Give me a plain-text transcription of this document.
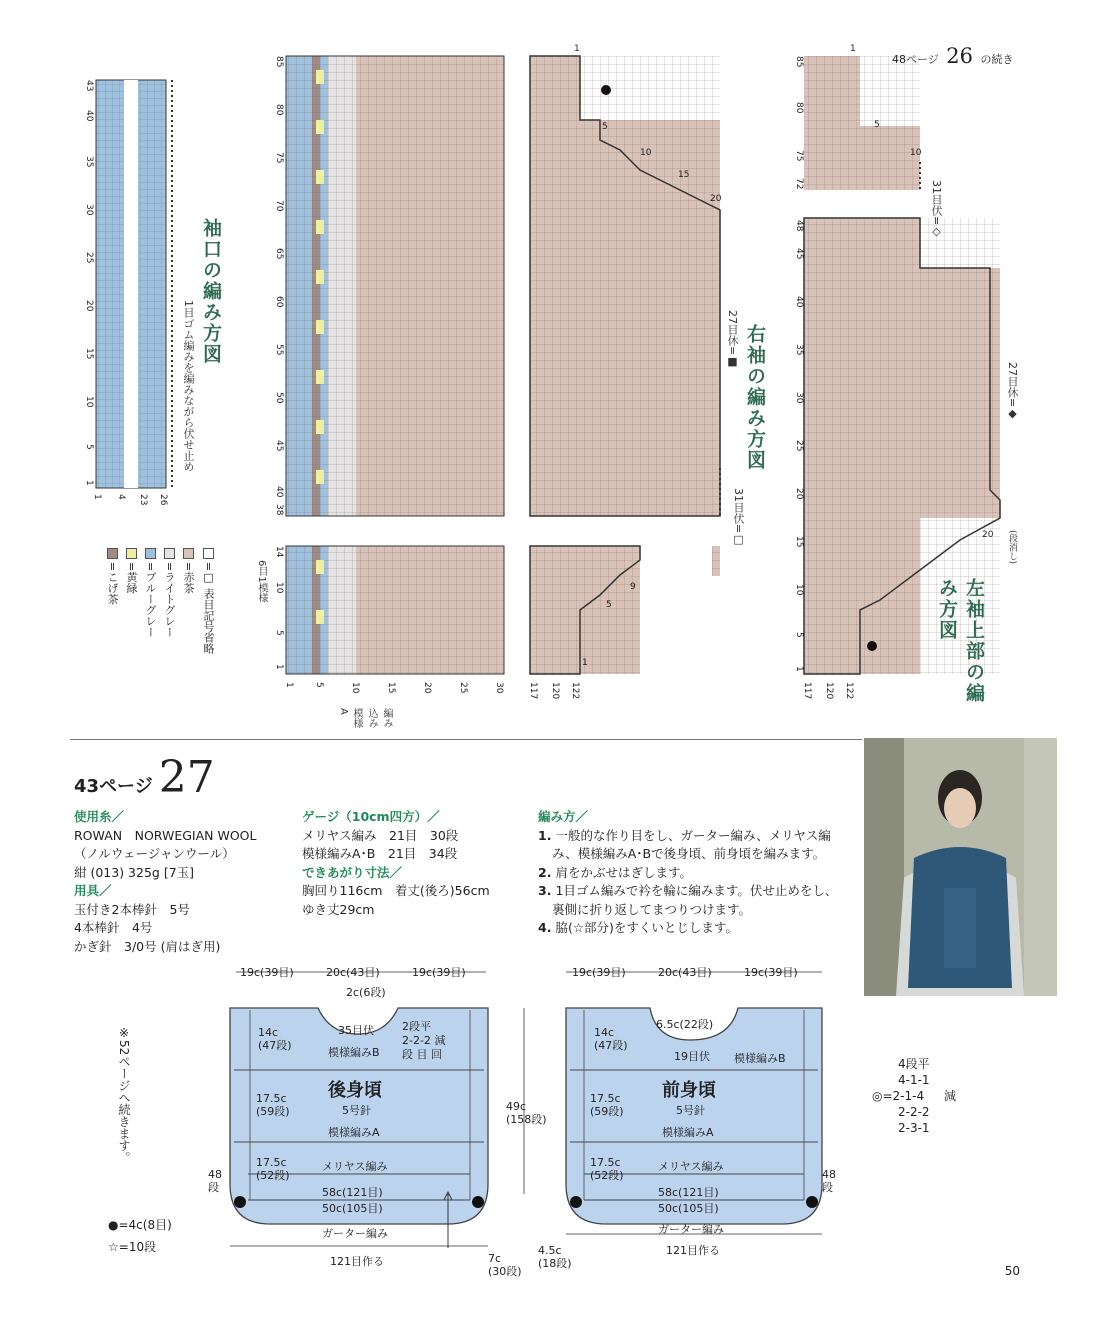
43
40
35
30
25
20
15
10
5
1
1 4 23 26
袖口の編み方図
1目ゴム編みを編みながら伏せ止め
85
80
75
70
65
60
55
50
45
40
38
14
10
5
1
1 5	10	15	20	25	30	117 120 122
編み込み模様A
6目1模様
1
5
10
15
20
9
5
1
右袖の編み方図
27目休=■
31目伏=□
48ページ 26 の続き
85
80
75
72
48
45
40
35
30
25
20
15
10
5
1
1
5
10
20
117 120 122	左袖上部の編み方図
27目休=◆
31目伏=◇
(段消し)
=□ 表目記号省略
=赤茶
=ライトグレー
=ブルーグレー
=黄緑
=こげ茶
43ページ 27
使用糸／
ROWAN　NORWEGIAN WOOL
（ノルウェージャンウール）
紺 (013) 325g [7玉]
用具／
玉付き2本棒針　5号
4本棒針　4号
かぎ針　3/0号 (肩はぎ用)
ゲージ（10cm四方）／
メリヤス編み　21目　30段
模様編みA･B　21目　34段
できあがり寸法／
胸回り116cm　着丈(後ろ)56cm
ゆき丈29cm
編み方／
1. 一般的な作り目をし、ガーター編み、メリヤス編み、模様編みA･Bで後身頃、前身頃を編みます。
2. 肩をかぶせはぎします。
3. 1目ゴム編みで衿を輪に編みます。伏せ止めをし、裏側に折り返してまつりつけます。
4. 脇(☆部分)をすくいとじします。
19c(39目)	20c(43目)	19c(39目)
2c(6段)
35目伏	2段平
2-2-2 減
段 目 回
14c
(47段)
模様編みB
後身頃
5号針
17.5c
(59段)
模様編みA
17.5c
(52段)
メリヤス編み
58c(121目)
50c(105目)
ガーター編み
121目作る
48
段
49c
(158段)
7c
(30段)
19c(39目)	20c(43目)	19c(39目)
6.5c(22段)
19目伏 模様編みB
14c
(47段)
前身頃
5号針
17.5c
(59段)
模様編みA
17.5c
(52段)
メリヤス編み
58c(121目)
50c(105目)
ガーター編み
121目作る
48
段
4.5c
(18段)
4段平
4-1-1
◎=2-1-4 減
2-2-2
2-3-1
※52ページへ続きます。
●=4c(8目)
☆=10段
50
